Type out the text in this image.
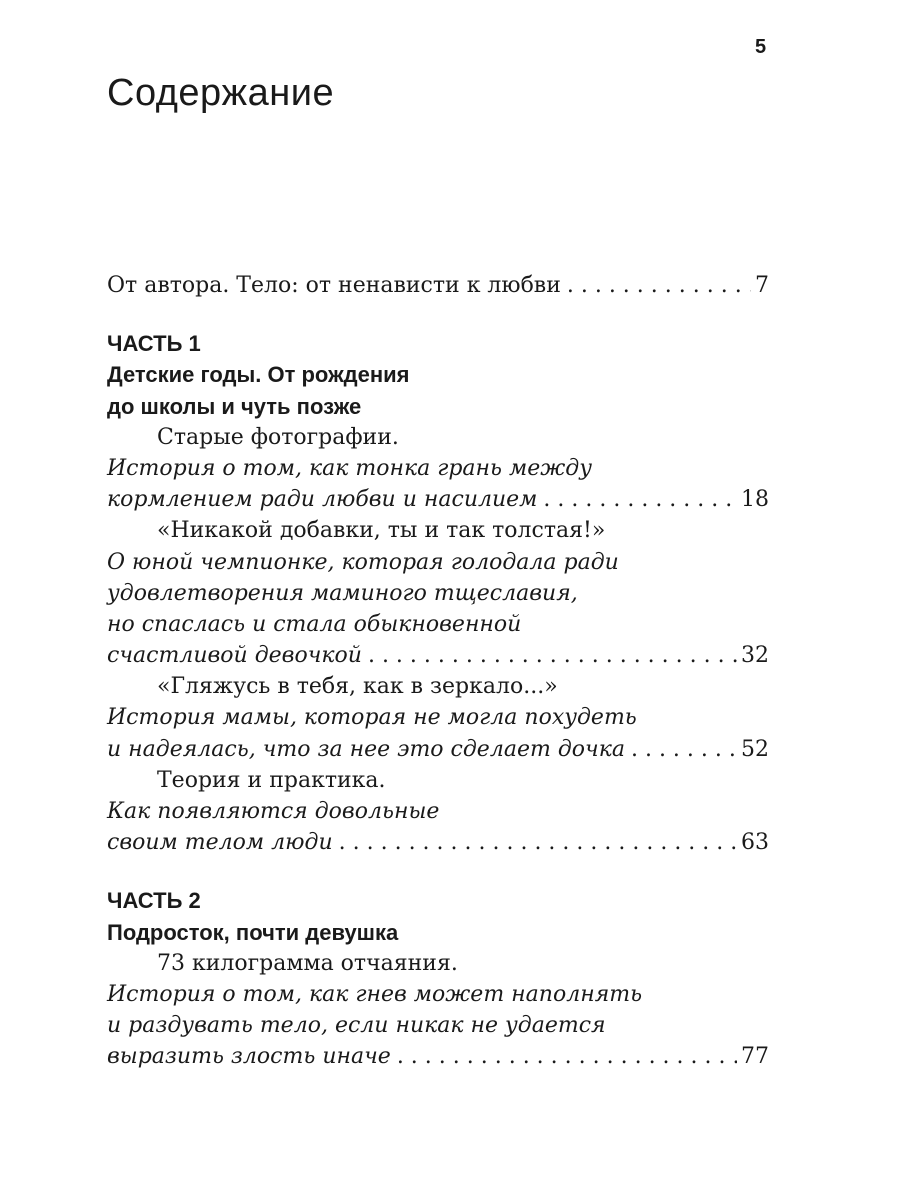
5
Содержание
От автора. Тело: от ненависти к любви . . .	7
ЧАСТЬ 1
Детские годы. От рождения
до школы и чуть позже
Старые фотографии.
История о том, как тонка грань между
кормлением ради любви и насилием . . .	18
«Никакой добавки, ты и так толстая!»
О юной чемпионке, которая голодала ради
удовлетворения маминого тщеславия,
но спаслась и стала обыкновенной
счастливой девочкой . . .	32
«Гляжусь в тебя, как в зеркало...»
История мамы, которая не могла похудеть
и надеялась, что за нее это сделает дочка . . .	52
Теория и практика.
Как появляются довольные
своим телом люди . . .	63
ЧАСТЬ 2
Подросток, почти девушка
73 килограмма отчаяния.
История о том, как гнев может наполнять
и раздувать тело, если никак не удается
выразить злость иначе . . .	77
